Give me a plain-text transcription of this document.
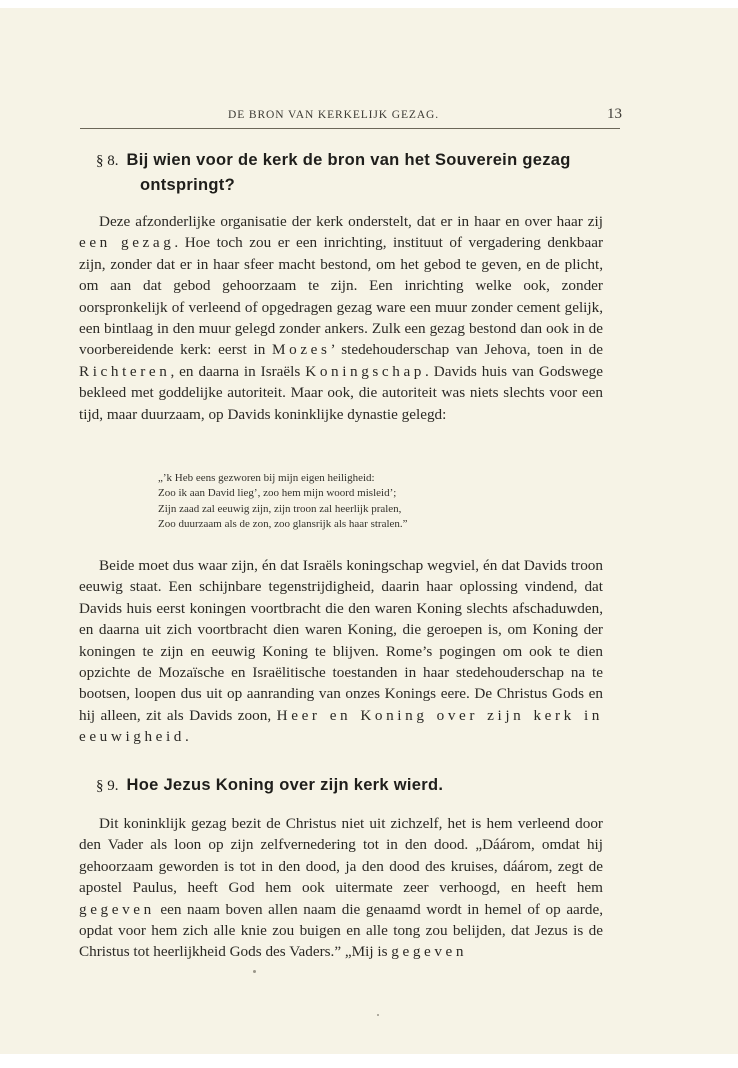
DE BRON VAN KERKELIJK GEZAG.	13
§ 8. Bij wien voor de kerk de bron van het Souverein gezag ontspringt?

Deze afzonderlijke organisatie der kerk onderstelt, dat er in haar en over haar zij een gezag. Hoe toch zou er een inrichting, instituut of vergadering denkbaar zijn, zonder dat er in haar sfeer macht bestond, om het gebod te geven, en de plicht, om aan dat gebod gehoorzaam te zijn. Een inrichting welke ook, zonder oorspronkelijk of verleend of opgedragen gezag ware een muur zonder cement gelijk, een bintlaag in den muur gelegd zonder ankers. Zulk een gezag bestond dan ook in de voorbereidende kerk: eerst in Mozes’ stedehouderschap van Jehova, toen in de Richteren, en daarna in Israëls Koningschap. Davids huis van Godswege bekleed met goddelijke autoriteit. Maar ook, die autoriteit was niets slechts voor een tijd, maar duurzaam, op Davids koninklijke dynastie gelegd:

„’k Heb eens gezworen bij mijn eigen heiligheid:
Zoo ik aan David lieg’, zoo hem mijn woord misleid’;
Zijn zaad zal eeuwig zijn, zijn troon zal heerlijk pralen,
Zoo duurzaam als de zon, zoo glansrijk als haar stralen.”

Beide moet dus waar zijn, én dat Israëls koningschap wegviel, én dat Davids troon eeuwig staat. Een schijnbare tegenstrijdigheid, daarin haar oplossing vindend, dat Davids huis eerst koningen voortbracht die den waren Koning slechts afschaduwden, en daarna uit zich voortbracht dien waren Koning, die geroepen is, om Koning der koningen te zijn en eeuwig Koning te blijven. Rome’s pogingen om ook te dien opzichte de Mozaïsche en Israëlitische toestanden in haar stedehouderschap na te bootsen, loopen dus uit op aanranding van onzes Konings eere. De Christus Gods en hij alleen, zit als Davids zoon, Heer en Koning over zijn kerk in eeuwigheid.

§ 9. Hoe Jezus Koning over zijn kerk wierd.

Dit koninklijk gezag bezit de Christus niet uit zichzelf, het is hem verleend door den Vader als loon op zijn zelfvernedering tot in den dood. „Dáárom, omdat hij gehoorzaam geworden is tot in den dood, ja den dood des kruises, dáárom, zegt de apostel Paulus, heeft God hem ook uitermate zeer verhoogd, en heeft hem gegeven een naam boven allen naam die genaamd wordt in hemel of op aarde, opdat voor hem zich alle knie zou buigen en alle tong zou belijden, dat Jezus is de Christus tot heerlijkheid Gods des Vaders.” „Mij is gegeven
